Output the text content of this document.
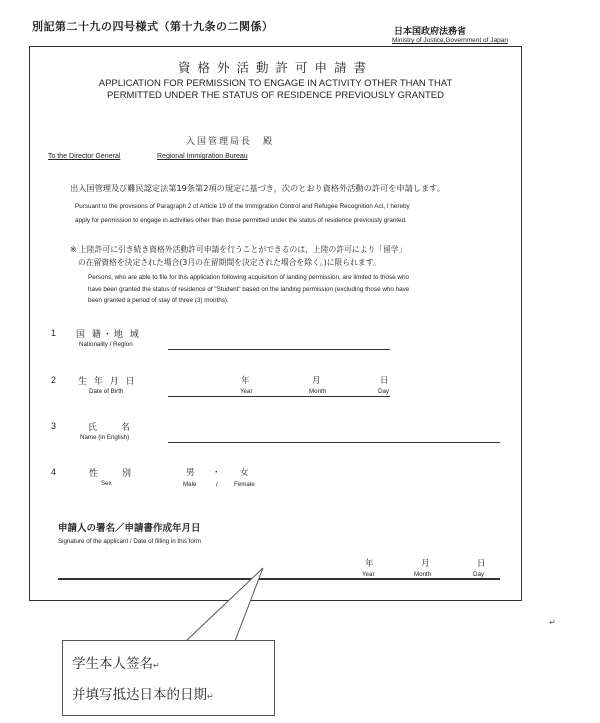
別記第二十九の四号様式（第十九条の二関係）	日本国政府法務省
Ministry of Justice,Government of Japan
資格外活動許可申請書
APPLICATION FOR PERMISSION TO ENGAGE IN ACTIVITY OTHER THAN THAT
PERMITTED UNDER THE STATUS OF RESIDENCE PREVIOUSLY GRANTED
入国管理局長　殿
To the Director General	Regional Immigration Bureau
出入国管理及び難民認定法第19条第2項の規定に基づき，次のとおり資格外活動の許可を申請します。
Pursuant to the provisions of Paragraph 2 of Article 19 of the Immigration Control and Refugee Recognition Act, I hereby
apply for permission to engage in activities other than those permitted under the status of residence previously granted.
※ 上陸許可に引き続き資格外活動許可申請を行うことができるのは，上陸の許可により「留学」
の在留資格を決定された場合(3月の在留期間を決定された場合を除く。)に限られます。
Persons, who are able to file for this application following acquisition of landing permission, are limited to those who
have been granted the status of residence of "Student" based on the landing permission (excluding those who have
been granted a period of stay of three (3) months).
1 国 籍・地 域
Nationality / Region
2 生 年 月 日
Date of Birth
年	月	日
Year	Month	Day
3	氏　　名
Name (in English)
4	性　　別
Sex
男 ・ 女
Male	/	Female
申請人の署名／申請書作成年月日
Signature of the applicant / Date of filling in this form
年	月	日
Year	Month	Day
↵
学生本人签名↵
并填写抵达日本的日期↵
